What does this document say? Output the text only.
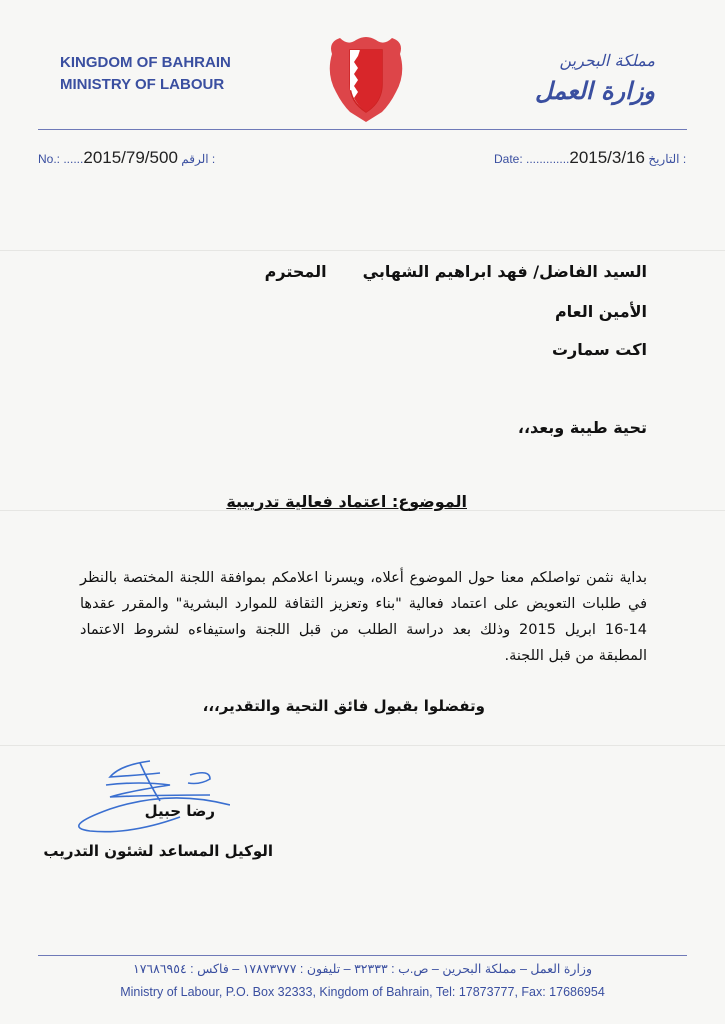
KINGDOM OF BAHRAIN
MINISTRY OF LABOUR
مملكة البحرين
وزارة العمل
No.: ......2015/79/500 الرقم :	Date: .............2015/3/16 التاريخ :
السيد الفاضل/ فهد ابراهيم الشهابي
المحترم
الأمين العام
اكت سمارت
تحية طيبة وبعد،،
الموضوع: اعتماد فعالية تدريبية
بداية نثمن تواصلكم معنا حول الموضوع أعلاه، ويسرنا اعلامكم بموافقة اللجنة المختصة بالنظر في طلبات التعويض على اعتماد فعالية "بناء وتعزيز الثقافة للموارد البشرية" والمقرر عقدها 14-16 ابريل 2015 وذلك بعد دراسة الطلب من قبل اللجنة واستيفاءه لشروط الاعتماد المطبقة من قبل اللجنة.
وتفضلوا بقبول فائق التحية والتقدير،،،
رضا حبيل
الوكيل المساعد لشئون التدريب
وزارة العمل – مملكة البحرين – ص.ب : ٣٢٣٣٣ – تليفون : ١٧٨٧٣٧٧٧ – فاكس : ١٧٦٨٦٩٥٤
Ministry of Labour, P.O. Box 32333, Kingdom of Bahrain, Tel: 17873777, Fax: 17686954
